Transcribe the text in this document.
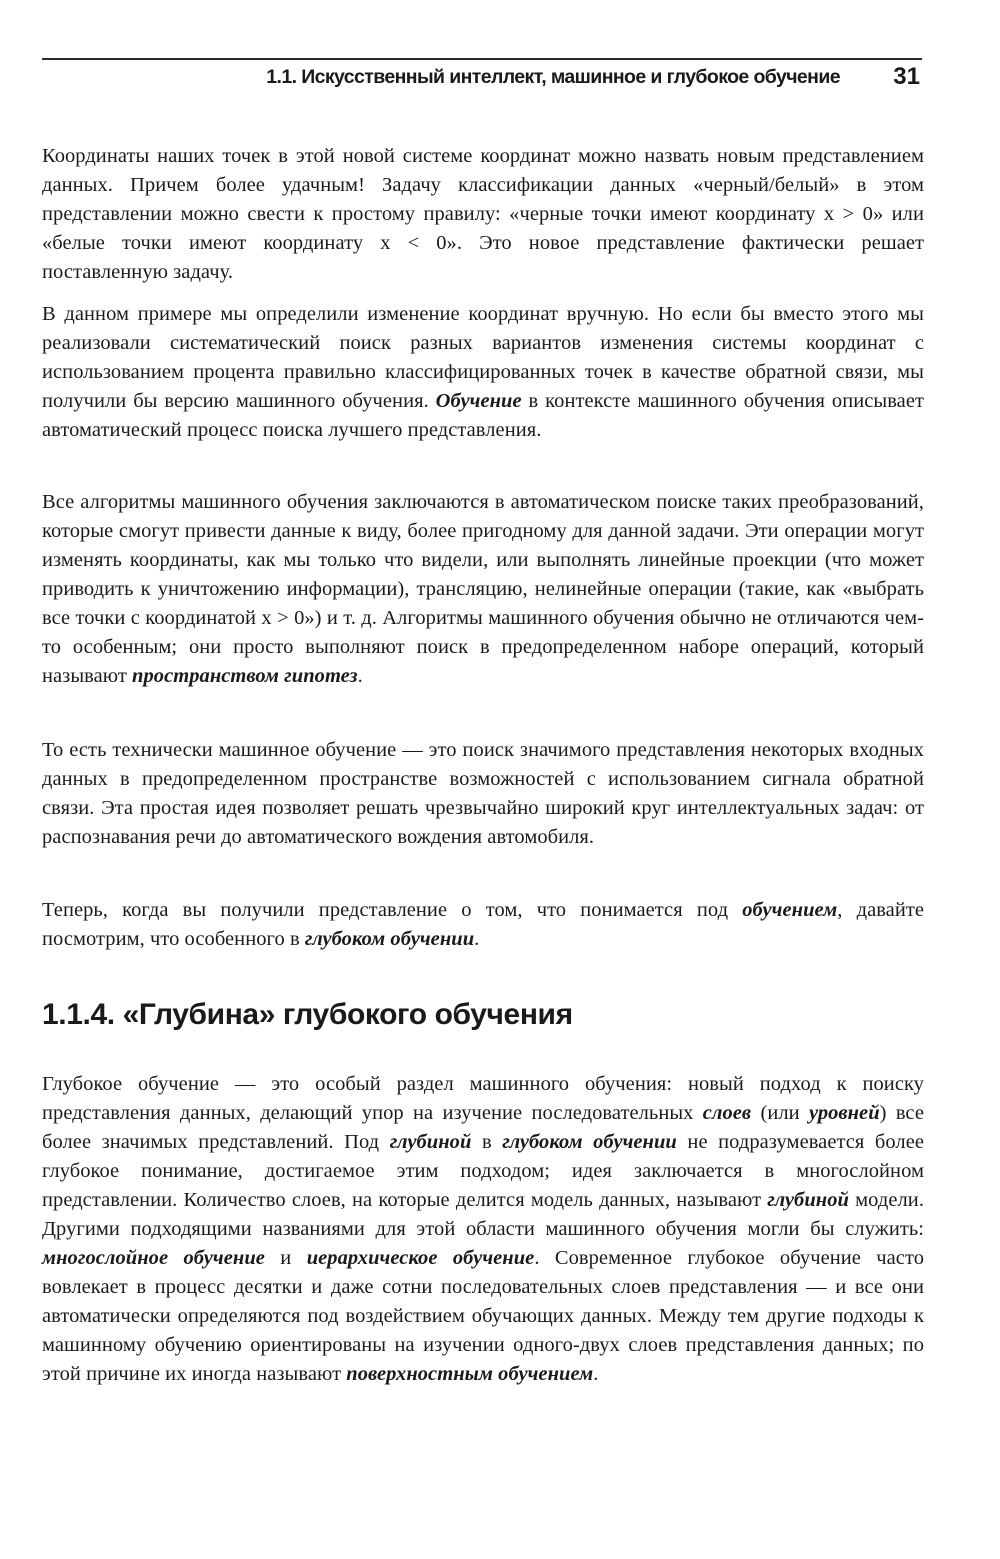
1.1. Искусственный интеллект, машинное и глубокое обучение 31

Координаты наших точек в этой новой системе координат можно назвать новым представлением данных. Причем более удачным! Задачу классификации данных «черный/белый» в этом представлении можно свести к простому правилу: «черные точки имеют координату x > 0» или «белые точки имеют координату x < 0». Это новое представление фактически решает поставленную задачу.

В данном примере мы определили изменение координат вручную. Но если бы вместо этого мы реализовали систематический поиск разных вариантов изменения системы координат с использованием процента правильно классифицированных точек в качестве обратной связи, мы получили бы версию машинного обучения. Обучение в контексте машинного обучения описывает автоматический процесс поиска лучшего представления.

Все алгоритмы машинного обучения заключаются в автоматическом поиске таких преобразований, которые смогут привести данные к виду, более пригодному для данной задачи. Эти операции могут изменять координаты, как мы только что видели, или выполнять линейные проекции (что может приводить к уничтожению информации), трансляцию, нелинейные операции (такие, как «выбрать все точки с координатой x > 0») и т. д. Алгоритмы машинного обучения обычно не отличаются чем-то особенным; они просто выполняют поиск в предопределенном наборе операций, который называют пространством гипотез.

То есть технически машинное обучение — это поиск значимого представления некоторых входных данных в предопределенном пространстве возможностей с использованием сигнала обратной связи. Эта простая идея позволяет решать чрезвычайно широкий круг интеллектуальных задач: от распознавания речи до автоматического вождения автомобиля.

Теперь, когда вы получили представление о том, что понимается под обучением, давайте посмотрим, что особенного в глубоком обучении.

1.1.4. «Глубина» глубокого обучения

Глубокое обучение — это особый раздел машинного обучения: новый подход к поиску представления данных, делающий упор на изучение последовательных слоев (или уровней) все более значимых представлений. Под глубиной в глубоком обучении не подразумевается более глубокое понимание, достигаемое этим подходом; идея заключается в многослойном представлении. Количество слоев, на которые делится модель данных, называют глубиной модели. Другими подходящими названиями для этой области машинного обучения могли бы служить: многослойное обучение и иерархическое обучение. Современное глубокое обучение часто вовлекает в процесс десятки и даже сотни последовательных слоев представления — и все они автоматически определяются под воздействием обучающих данных. Между тем другие подходы к машинному обучению ориентированы на изучении одного-двух слоев представления данных; по этой причине их иногда называют поверхностным обучением.
